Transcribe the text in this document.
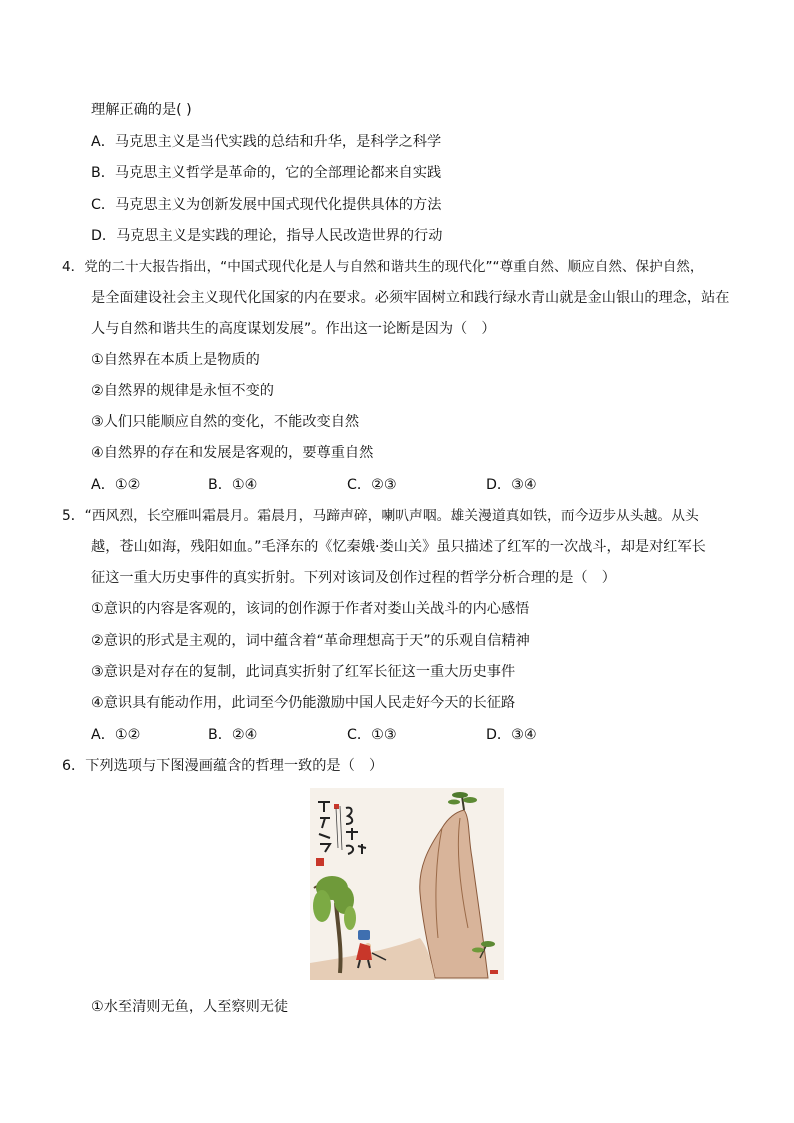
理解正确的是( )
A．马克思主义是当代实践的总结和升华，是科学之科学
B．马克思主义哲学是革命的，它的全部理论都来自实践
C．马克思主义为创新发展中国式现代化提供具体的方法
D．马克思主义是实践的理论，指导人民改造世界的行动
4．党的二十大报告指出，“中国式现代化是人与自然和谐共生的现代化”“尊重自然、顺应自然、保护自然，
是全面建设社会主义现代化国家的内在要求。必须牢固树立和践行绿水青山就是金山银山的理念，站在
人与自然和谐共生的高度谋划发展”。作出这一论断是因为（　）
①自然界在本质上是物质的
②自然界的规律是永恒不变的
③人们只能顺应自然的变化，不能改变自然
④自然界的存在和发展是客观的，要尊重自然
A．①②	B．①④	C．②③	D．③④
5．“西风烈，长空雁叫霜晨月。霜晨月，马蹄声碎，喇叭声咽。雄关漫道真如铁，而今迈步从头越。从头
越，苍山如海，残阳如血。”毛泽东的《忆秦娥·娄山关》虽只描述了红军的一次战斗，却是对红军长
征这一重大历史事件的真实折射。下列对该词及创作过程的哲学分析合理的是（　）
①意识的内容是客观的，该词的创作源于作者对娄山关战斗的内心感悟
②意识的形式是主观的，词中蕴含着“革命理想高于天”的乐观自信精神
③意识是对存在的复制，此词真实折射了红军长征这一重大历史事件
④意识具有能动作用，此词至今仍能激励中国人民走好今天的长征路
A．①②	B．②④	C．①③	D．③④
6．下列选项与下图漫画蕴含的哲理一致的是（　）
①水至清则无鱼，人至察则无徒
